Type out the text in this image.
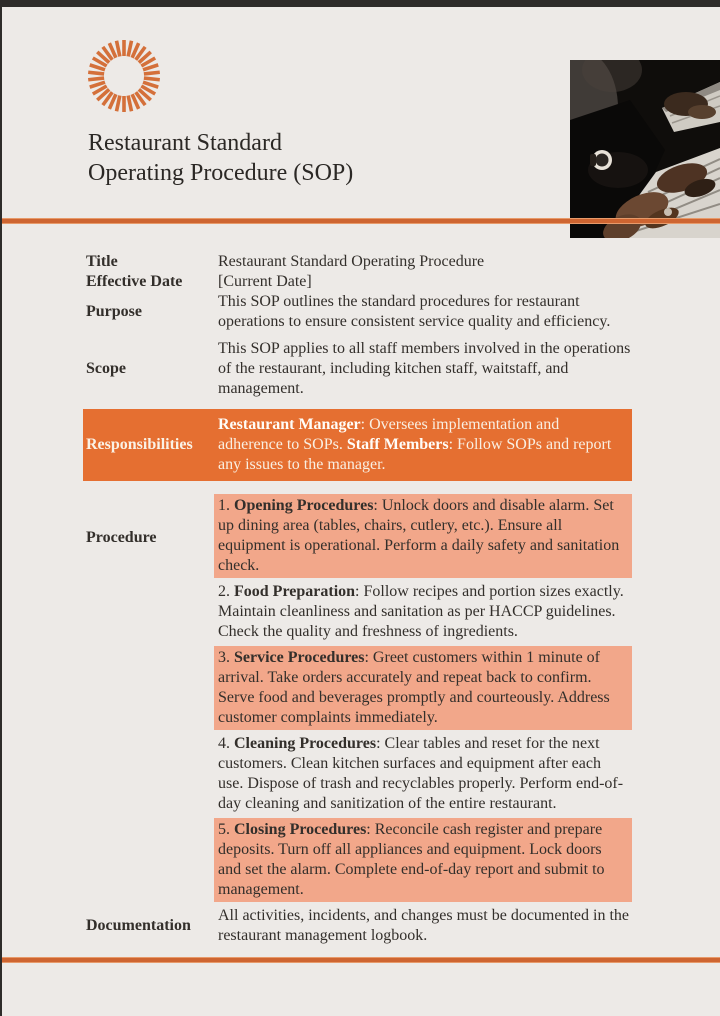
Restaurant Standard
Operating Procedure (SOP)
Title	Restaurant Standard Operating Procedure
Effective Date	[Current Date]
Purpose
This SOP outlines the standard procedures for restaurant operations to ensure consistent service quality and efficiency.
Scope
This SOP applies to all staff members involved in the operations of the restaurant, including kitchen staff, waitstaff, and management.
Responsibilities
Restaurant Manager: Oversees implementation and adherence to SOPs. Staff Members: Follow SOPs and report any issues to the manager.
Procedure
1. Opening Procedures: Unlock doors and disable alarm. Set up dining area (tables, chairs, cutlery, etc.). Ensure all equipment is operational. Perform a daily safety and sanitation check.
2. Food Preparation: Follow recipes and portion sizes exactly. Maintain cleanliness and sanitation as per HACCP guidelines. Check the quality and freshness of ingredients.
3. Service Procedures: Greet customers within 1 minute of arrival. Take orders accurately and repeat back to confirm. Serve food and beverages promptly and courteously. Address customer complaints immediately.
4. Cleaning Procedures: Clear tables and reset for the next customers. Clean kitchen surfaces and equipment after each use. Dispose of trash and recyclables properly. Perform end-of-day cleaning and sanitization of the entire restaurant.
5. Closing Procedures: Reconcile cash register and prepare deposits. Turn off all appliances and equipment. Lock doors and set the alarm. Complete end-of-day report and submit to management.
Documentation
All activities, incidents, and changes must be documented in the restaurant management logbook.
